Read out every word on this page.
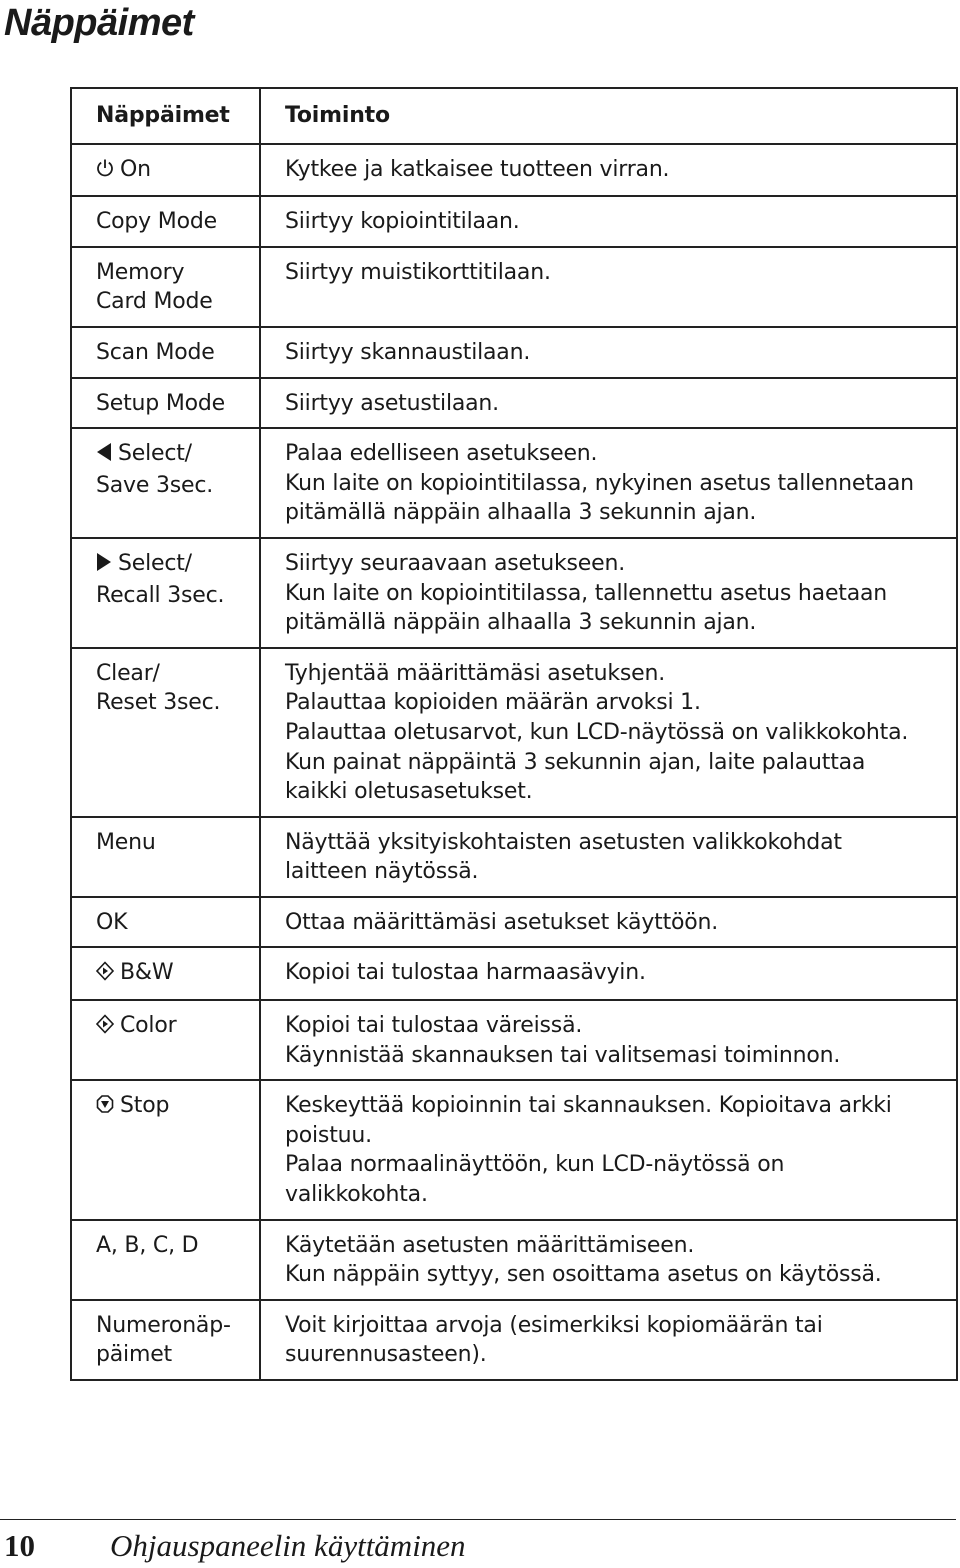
Näppäimet
Näppäimet	Toiminto

On	Kytkee ja katkaisee tuotteen virran.

Copy Mode	Siirtyy kopiointitilaan.

Memory
Card Mode	Siirtyy muistikorttitilaan.

Scan Mode	Siirtyy skannaustilaan.

Setup Mode	Siirtyy asetustilaan.

Select/
Save 3sec.	Palaa edelliseen asetukseen.
Kun laite on kopiointitilassa, nykyinen asetus tallennetaan
pitämällä näppäin alhaalla 3 sekunnin ajan.

Select/
Recall 3sec.	Siirtyy seuraavaan asetukseen.
Kun laite on kopiointitilassa, tallennettu asetus haetaan
pitämällä näppäin alhaalla 3 sekunnin ajan.

Clear/
Reset 3sec.	Tyhjentää määrittämäsi asetuksen.
Palauttaa kopioiden määrän arvoksi 1.
Palauttaa oletusarvot, kun LCD-näytössä on valikkokohta.
Kun painat näppäintä 3 sekunnin ajan, laite palauttaa
kaikki oletusasetukset.

Menu	Näyttää yksityiskohtaisten asetusten valikkokohdat
laitteen näytössä.

OK	Ottaa määrittämäsi asetukset käyttöön.

B&W	Kopioi tai tulostaa harmaasävyin.

Color	Kopioi tai tulostaa väreissä.
Käynnistää skannauksen tai valitsemasi toiminnon.

Stop	Keskeyttää kopioinnin tai skannauksen. Kopioitava arkki
poistuu.
Palaa normaalinäyttöön, kun LCD-näytössä on
valikkokohta.

A, B, C, D	Käytetään asetusten määrittämiseen.
Kun näppäin syttyy, sen osoittama asetus on käytössä.

Numeronäp-
päimet	Voit kirjoittaa arvoja (esimerkiksi kopiomäärän tai
suurennusasteen).
10 Ohjauspaneelin käyttäminen
